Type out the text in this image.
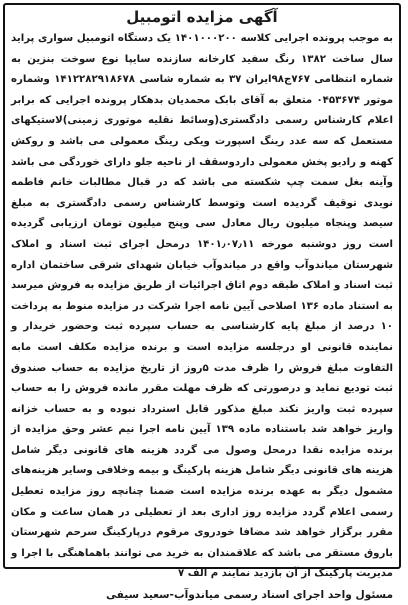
آگهی مزایده اتومبیل

به موجب پرونده اجرایی کلاسه ۱۴۰۱۰۰۰۲۰۰ یک دستگاه اتومبیل سواری پراید سال ساخت ۱۳۸۲ رنگ سفید کارخانه سازنده سایپا نوع سوخت بنزین به شماره انتظامی ۷۶۷ج۹۸ایران ۳۷ به شماره شاسی ۱۴۱۲۲۸۲۹۱۸۶۷۸ وشماره موتور ۰۴۵۳۶۷۴ متعلق به آقای بابک محمدیان بدهکار پرونده اجرایی که برابر اعلام کارشناس رسمی دادگستری(وسائط نقلیه موتوری زمینی)لاستیکهای مستعمل که سه عدد رینگ اسپورت ویکی رینگ معمولی می باشد و روکش کهنه و رادیو پخش معمولی داردوسقف از ناحیه جلو دارای خوردگی می باشد وآینه بغل سمت چپ شکسته می باشد که در قبال مطالبات خانم فاطمه نویدی توقیف گردیده است وتوسط کارشناس رسمی دادگستری به مبلغ سیصد وپنجاه میلیون ریال معادل سی وپنج میلیون تومان ارزیابی گردیده است روز دوشنبه مورخه ۱۴۰۱٫۰۷٫۱۱ درمحل اجرای ثبت اسناد و املاک شهرستان میاندوآب واقع در میاندوآب خیابان شهدای شرقی ساختمان اداره ثبت اسناد و املاک طبقه دوم اتاق اجرائیات از طریق مزایده به فروش میرسد به استناد ماده ۱۳۶ اصلاحی آیین نامه اجرا شرکت در مزایده منوط به پرداخت ۱۰ درصد از مبلغ پایه کارشناسی به حساب سپرده ثبت وحضور خریدار و نماینده قانونی او درجلسه مزایده است و برنده مزایده مکلف است مابه التفاوت مبلغ فروش را ظرف مدت ۵روز از تاریخ مزایده به حساب صندوق ثبت تودیع نماید و درصورتی که ظرف مهلت مقرر مانده فروش را به حساب سپرده ثبت واریز نکند مبلغ مذکور قابل استرداد نبوده و به حساب خزانه واریز خواهد شد باستناده ماده ۱۳۹ آیین نامه اجرا نیم عشر وحق مزایده از برنده مزایده نقدا درمحل وصول می گردد هزینه های قانونی دیگر شامل هزینه های قانونی دیگر شامل هزینه پارکینگ و بیمه وخلافی وسایر هزینه‌های مشمول دیگر به عهده برنده مزایده است ضمنا چنانچه روز مزایده تعطیل رسمی اعلام گردد مزایده روز اداری بعد از تعطیلی در همان ساعت و مکان مقرر برگزار خواهد شد مضافا خودروی مرقوم درپارکینگ سرحم شهرستان باروق مستقر می باشد که علاقمندان به خرید می توانند باهماهنگی با اجرا و مدیریت پارکینگ از آن بازدید نمایند م الف ۷

مسئول واحد اجرای اسناد رسمی میاندوآب-سعید سیفی
